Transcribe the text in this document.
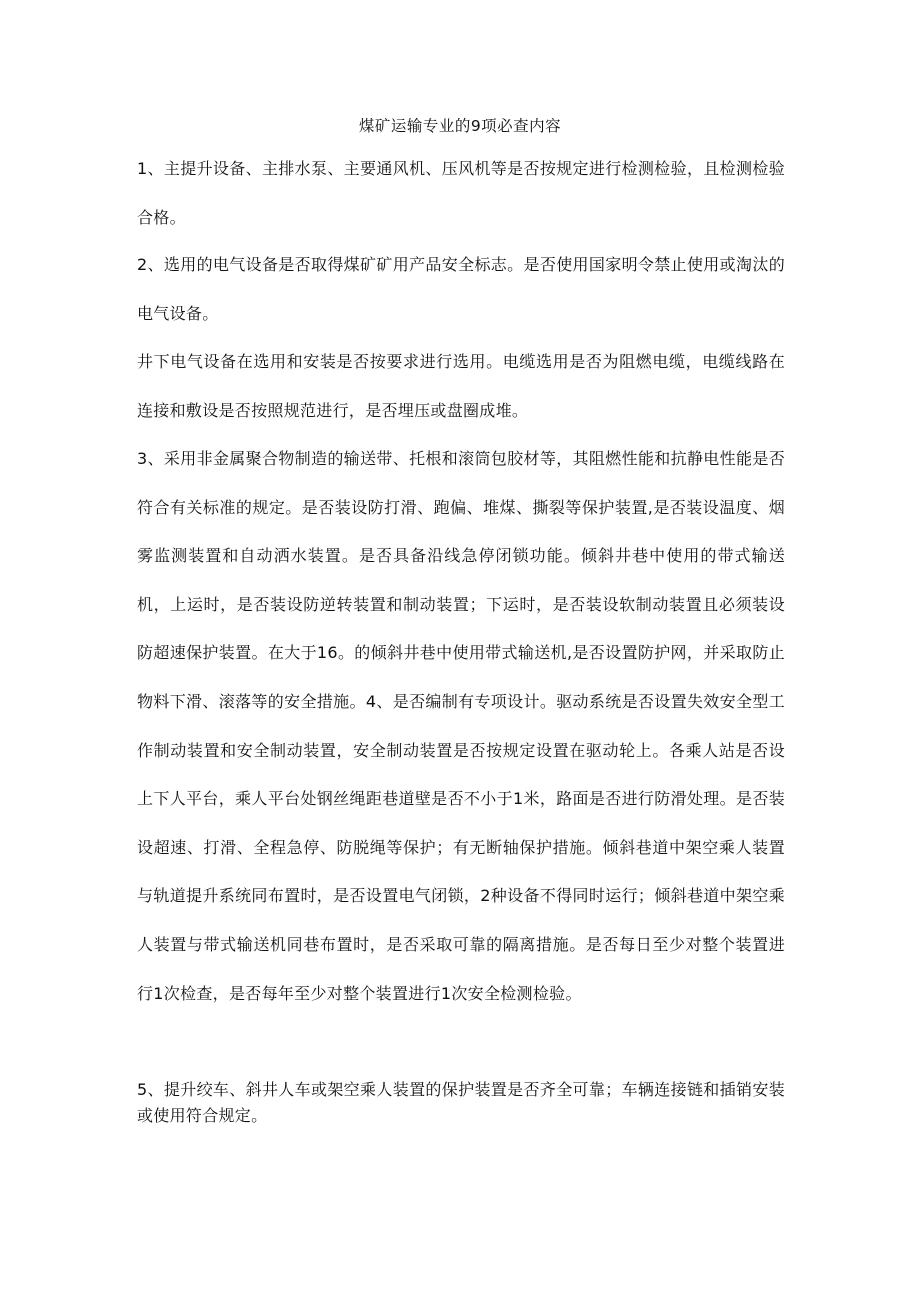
煤矿运输专业的9项必查内容
1、主提升设备、主排水泵、主要通风机、压风机等是否按规定进行检测检验，且检测检验合格。
2、选用的电气设备是否取得煤矿矿用产品安全标志。是否使用国家明令禁止使用或淘汰的电气设备。
井下电气设备在选用和安装是否按要求进行选用。电缆选用是否为阻燃电缆，电缆线路在连接和敷设是否按照规范进行，是否埋压或盘圈成堆。
3、采用非金属聚合物制造的输送带、托根和滚筒包胶材等，其阻燃性能和抗静电性能是否符合有关标准的规定。是否装设防打滑、跑偏、堆煤、撕裂等保护装置,是否装设温度、烟雾监测装置和自动洒水装置。是否具备沿线急停闭锁功能。倾斜井巷中使用的带式输送机，上运时，是否装设防逆转装置和制动装置；下运时，是否装设软制动装置且必须装设防超速保护装置。在大于16。的倾斜井巷中使用带式输送机,是否设置防护网，并采取防止物料下滑、滚落等的安全措施。4、是否编制有专项设计。驱动系统是否设置失效安全型工作制动装置和安全制动装置，安全制动装置是否按规定设置在驱动轮上。各乘人站是否设上下人平台，乘人平台处钢丝绳距巷道壁是否不小于1米，路面是否进行防滑处理。是否装设超速、打滑、全程急停、防脱绳等保护；有无断轴保护措施。倾斜巷道中架空乘人装置与轨道提升系统同布置时，是否设置电气闭锁，2种设备不得同时运行；倾斜巷道中架空乘人装置与带式输送机同巷布置时，是否采取可靠的隔离措施。是否每日至少对整个装置进行1次检查，是否每年至少对整个装置进行1次安全检测检验。
5、提升绞车、斜井人车或架空乘人装置的保护装置是否齐全可靠；车辆连接链和插销安装或使用符合规定。
